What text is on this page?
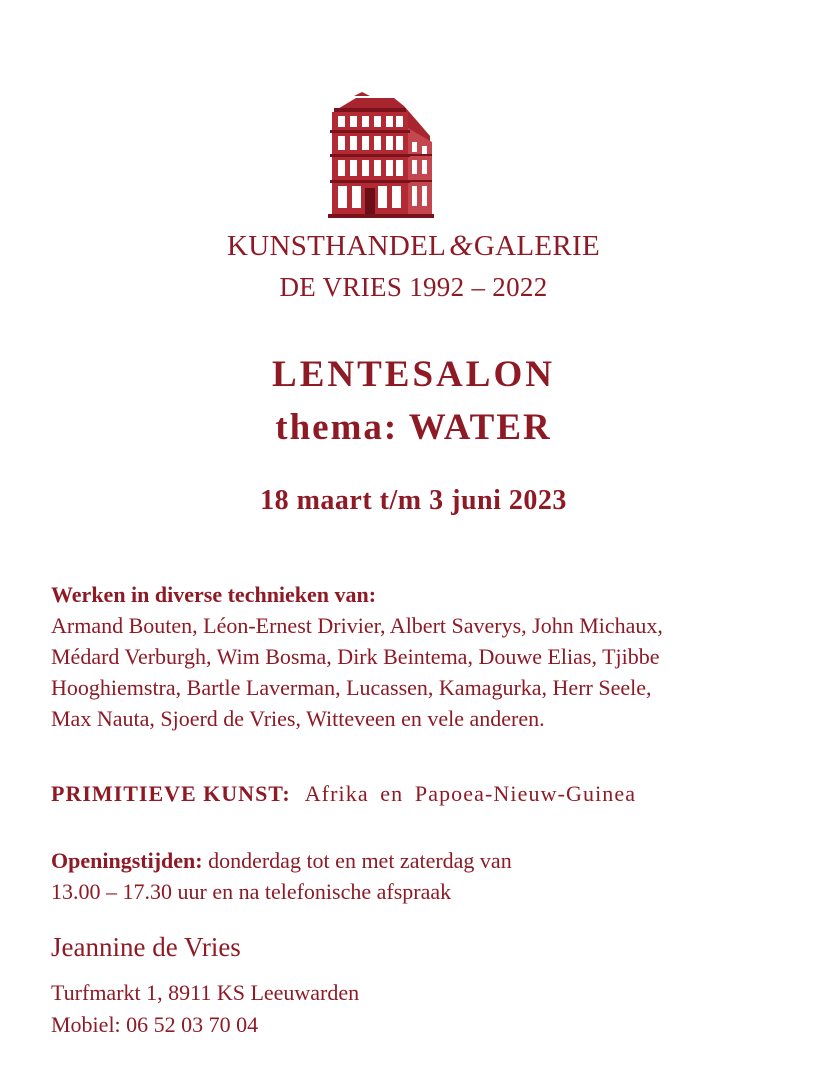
KUNSTHANDEL &GALERIE
DE VRIES 1992 – 2022
LENTESALON
thema: WATER
18 maart t/m 3 juni 2023
Werken in diverse technieken van:
Armand Bouten, Léon-Ernest Drivier, Albert Saverys, John Michaux,
Médard Verburgh, Wim Bosma, Dirk Beintema, Douwe Elias, Tjibbe
Hooghiemstra, Bartle Laverman, Lucassen, Kamagurka, Herr Seele,
Max Nauta, Sjoerd de Vries, Witteveen en vele anderen.
PRIMITIEVE KUNST: Afrika en Papoea-Nieuw-Guinea
Openingstijden: donderdag tot en met zaterdag van
13.00 – 17.30 uur en na telefonische afspraak
Jeannine de Vries
Turfmarkt 1, 8911 KS Leeuwarden
Mobiel: 06 52 03 70 04
